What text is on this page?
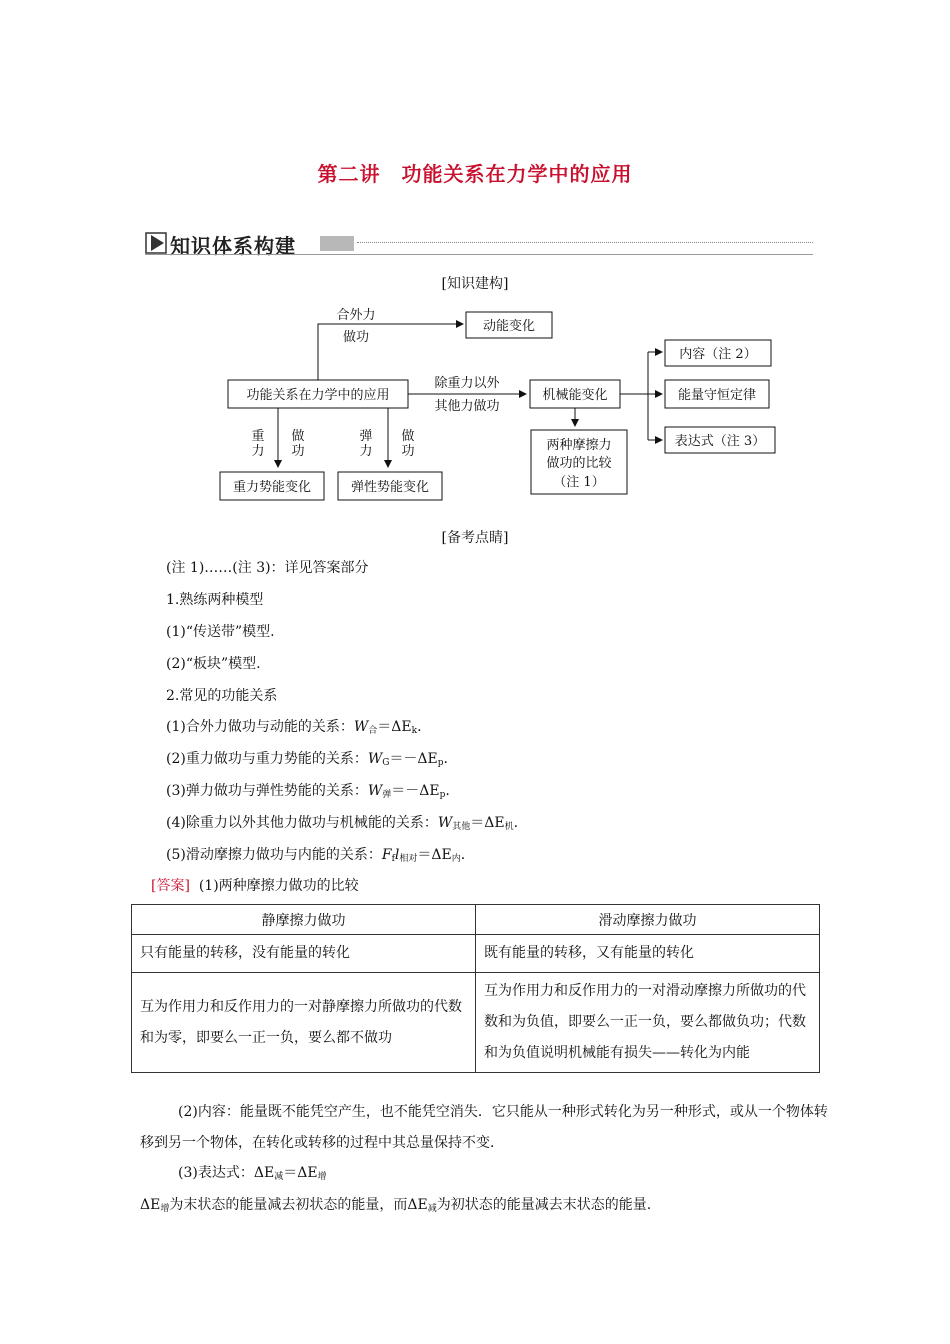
第二讲　功能关系在力学中的应用
知识体系构建
[知识建构]
合外力
做功
动能变化
功能关系在力学中的应用
除重力以外
其他力做功
机械能变化
内容（注 2）
能量守恒定律
表达式（注 3）
两种摩擦力
做功的比较
（注 1）
重
力
做
功
弹
力
做
功
重力势能变化	弹性势能变化
[备考点睛]
(注 1)……(注 3)：详见答案部分
1.熟练两种模型
(1)“传送带”模型.
(2)“板块”模型.
2.常见的功能关系
(1)合外力做功与动能的关系：$W_合=\Delta E_k$.
(2)重力做功与重力势能的关系：$W_G=-\Delta E_p$.
(3)弹力做功与弹性势能的关系：$W_弹=-\Delta E_p$.
(4)除重力以外其他力做功与机械能的关系：$W_{其他}=\Delta E_机$.
(5)滑动摩擦力做功与内能的关系：$F_fl_{相对}=\Delta E_内$.
[答案] (1)两种摩擦力做功的比较
静摩擦力做功	滑动摩擦力做功
只有能量的转移，没有能量的转化	既有能量的转移，又有能量的转化
互为作用力和反作用力的一对静摩擦力所做功的代数和为零，即要么一正一负，要么都不做功	互为作用力和反作用力的一对滑动摩擦力所做功的代数和为负值，即要么一正一负，要么都做负功；代数和为负值说明机械能有损失——转化为内能
(2)内容：能量既不能凭空产生，也不能凭空消失．它只能从一种形式转化为另一种形式，或从一个物体转移到另一个物体，在转化或转移的过程中其总量保持不变．
(3)表达式：$\Delta E_减=\Delta E_增$
$\Delta E_增$为末状态的能量减去初状态的能量，而$\Delta E_减$为初状态的能量减去末状态的能量.
